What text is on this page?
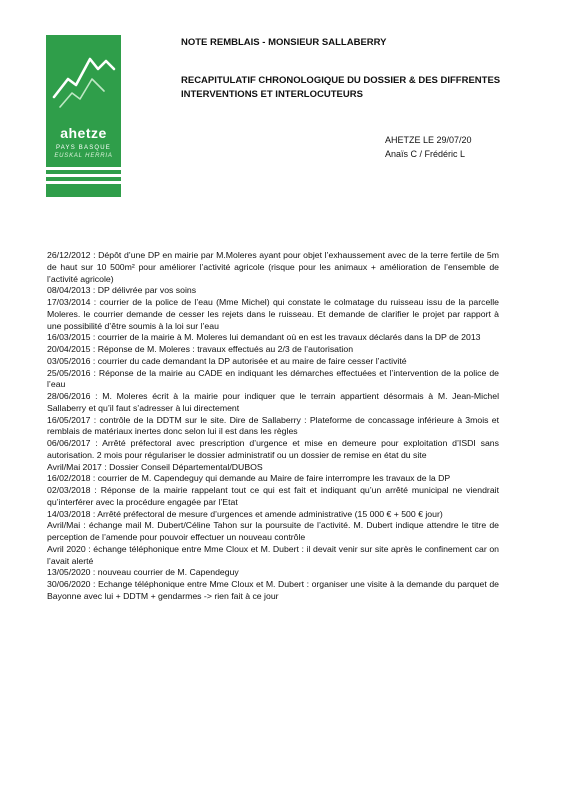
ahetze
PAYS BASQUE
EUSKAL HERRIA
NOTE REMBLAIS - MONSIEUR SALLABERRY
RECAPITULATIF CHRONOLOGIQUE DU DOSSIER & DES DIFFRENTES INTERVENTIONS ET INTERLOCUTEURS
AHETZE LE 29/07/20
Anaïs C / Frédéric L

26/12/2012 : Dépôt d’une DP en mairie par M.Moleres ayant pour objet l’exhaussement avec de la terre fertile de 5m de haut sur 10 500m² pour améliorer l’activité agricole (risque pour les animaux + amélioration de l’ensemble de l’activité agricole)

08/04/2013 : DP délivrée par vos soins

17/03/2014 : courrier de la police de l’eau (Mme Michel) qui constate le colmatage du ruisseau issu de la parcelle Moleres. le courrier demande de cesser les rejets dans le ruisseau. Et demande de clarifier le projet par rapport à une possibilité d’être soumis à la loi sur l’eau

16/03/2015 : courrier de la mairie à M. Moleres lui demandant où en est les travaux déclarés dans la DP de 2013

20/04/2015 : Réponse de M. Moleres : travaux effectués au 2/3 de l’autorisation

03/05/2016 : courrier du cade demandant la DP autorisée et au maire de faire cesser l’activité

25/05/2016 : Réponse de la mairie au CADE en indiquant les démarches effectuées et l’intervention de la police de l’eau

28/06/2016 : M. Moleres écrit à la mairie pour indiquer que le terrain appartient désormais à M. Jean-Michel Sallaberry et qu’il faut s’adresser à lui directement

16/05/2017 : contrôle de la DDTM sur le site. Dire de Sallaberry : Plateforme de concassage inférieure à 3mois et remblais de matériaux inertes donc selon lui il est dans les règles

06/06/2017 : Arrêté préfectoral avec prescription d’urgence et mise en demeure pour exploitation d’ISDI sans autorisation. 2 mois pour régulariser le dossier administratif ou un dossier de remise en état du site

Avril/Mai 2017 : Dossier Conseil Départemental/DUBOS

16/02/2018 : courrier de M. Capendeguy qui demande au Maire de faire interrompre les travaux de la DP

02/03/2018 : Réponse de la mairie rappelant tout ce qui est fait et indiquant qu’un arrêté municipal ne viendrait qu’interférer avec la procédure engagée par l’Etat

14/03/2018 : Arrêté préfectoral de mesure d’urgences et amende administrative (15 000 € + 500 € jour)

Avril/Mai : échange mail M. Dubert/Céline Tahon sur la poursuite de l’activité. M. Dubert indique attendre le titre de perception de l’amende pour pouvoir effectuer un nouveau contrôle

Avril 2020 : échange téléphonique entre Mme Cloux et M. Dubert : il devait venir sur site après le confinement car on l’avait alerté

13/05/2020 : nouveau courrier de M. Capendeguy

30/06/2020 : Echange téléphonique entre Mme Cloux et M. Dubert : organiser une visite à la demande du parquet de Bayonne avec lui + DDTM + gendarmes -> rien fait à ce jour
